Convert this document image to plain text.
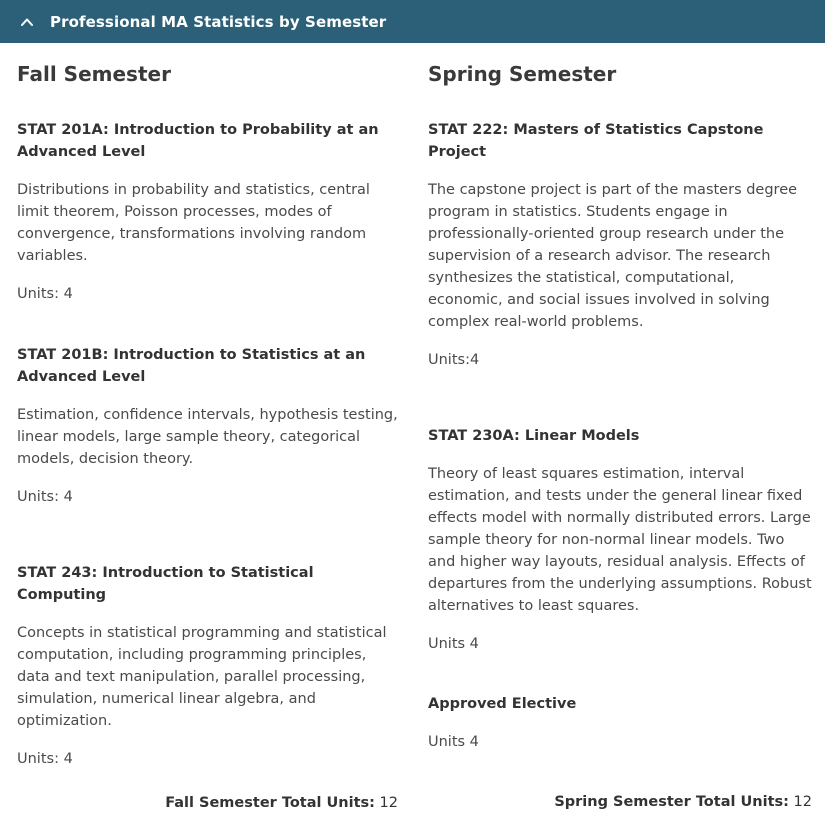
Professional MA Statistics by Semester
Fall Semester
STAT 201A: Introduction to Probability at an Advanced Level

Distributions in probability and statistics, central limit theorem, Poisson processes, modes of convergence, transformations involving random variables.

Units: 4

STAT 201B: Introduction to Statistics at an Advanced Level

Estimation, confidence intervals, hypothesis testing, linear models, large sample theory, categorical models, decision theory.

Units: 4

STAT 243: Introduction to Statistical Computing

Concepts in statistical programming and statistical computation, including programming principles, data and text manipulation, parallel processing, simulation, numerical linear algebra, and optimization.

Units: 4

Fall Semester Total Units: 12
Spring Semester
STAT 222: Masters of Statistics Capstone Project

The capstone project is part of the masters degree program in statistics. Students engage in professionally-oriented group research under the supervision of a research advisor. The research synthesizes the statistical, computational, economic, and social issues involved in solving complex real-world problems.

Units:4

STAT 230A: Linear Models

Theory of least squares estimation, interval estimation, and tests under the general linear fixed effects model with normally distributed errors. Large sample theory for non-normal linear models. Two and higher way layouts, residual analysis. Effects of departures from the underlying assumptions. Robust alternatives to least squares.

Units 4

Approved Elective

Units 4

Spring Semester Total Units: 12
